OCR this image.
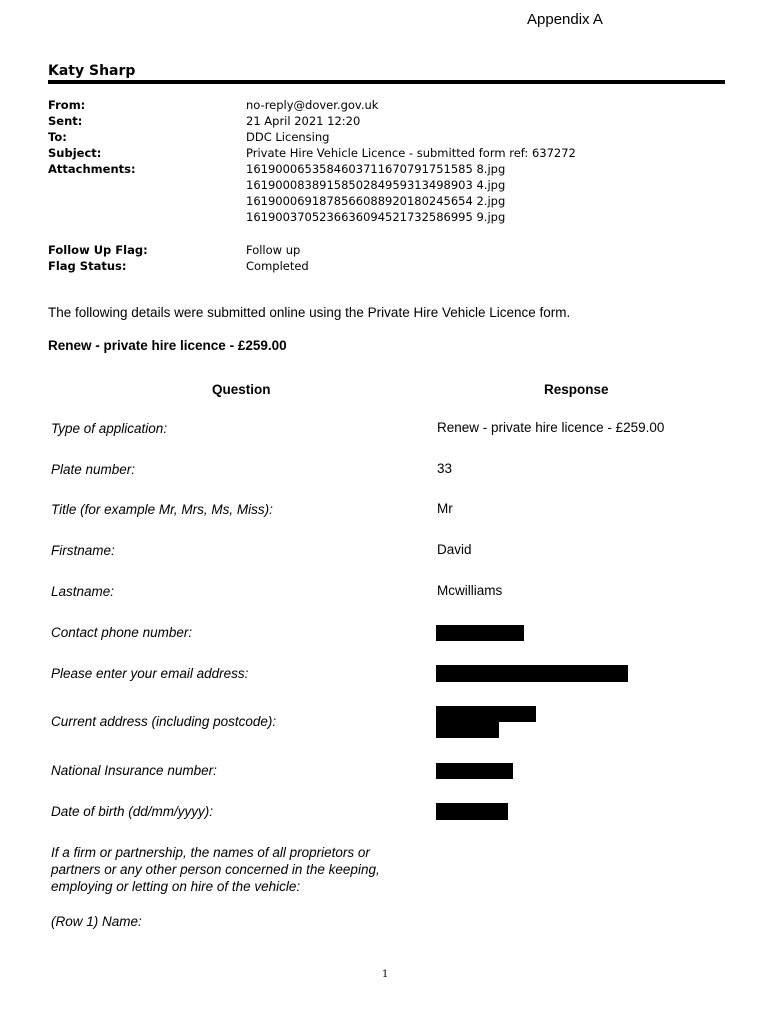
Appendix A
Katy Sharp
From:	no-reply@dover.gov.uk
Sent:	21 April 2021 12:20
To:	DDC Licensing
Subject:	Private Hire Vehicle Licence - submitted form ref: 637272
Attachments:	1619000653584603711670791751585 8.jpg
1619000838915850284959313498903 4.jpg
1619000691878566088920180245654 2.jpg
1619003705236636094521732586995 9.jpg
Follow Up Flag:	Follow up
Flag Status:	Completed
The following details were submitted online using the Private Hire Vehicle Licence form.
Renew - private hire licence - £259.00
Question	Response
Type of application:	Renew - private hire licence - £259.00
Plate number:	33
Title (for example Mr, Mrs, Ms, Miss):	Mr
Firstname:	David
Lastname:	Mcwilliams
Contact phone number:
Please enter your email address:
Current address (including postcode):
National Insurance number:
Date of birth (dd/mm/yyyy):
If a firm or partnership, the names of all proprietors or partners or any other person concerned in the keeping, employing or letting on hire of the vehicle:
(Row 1) Name:
1
